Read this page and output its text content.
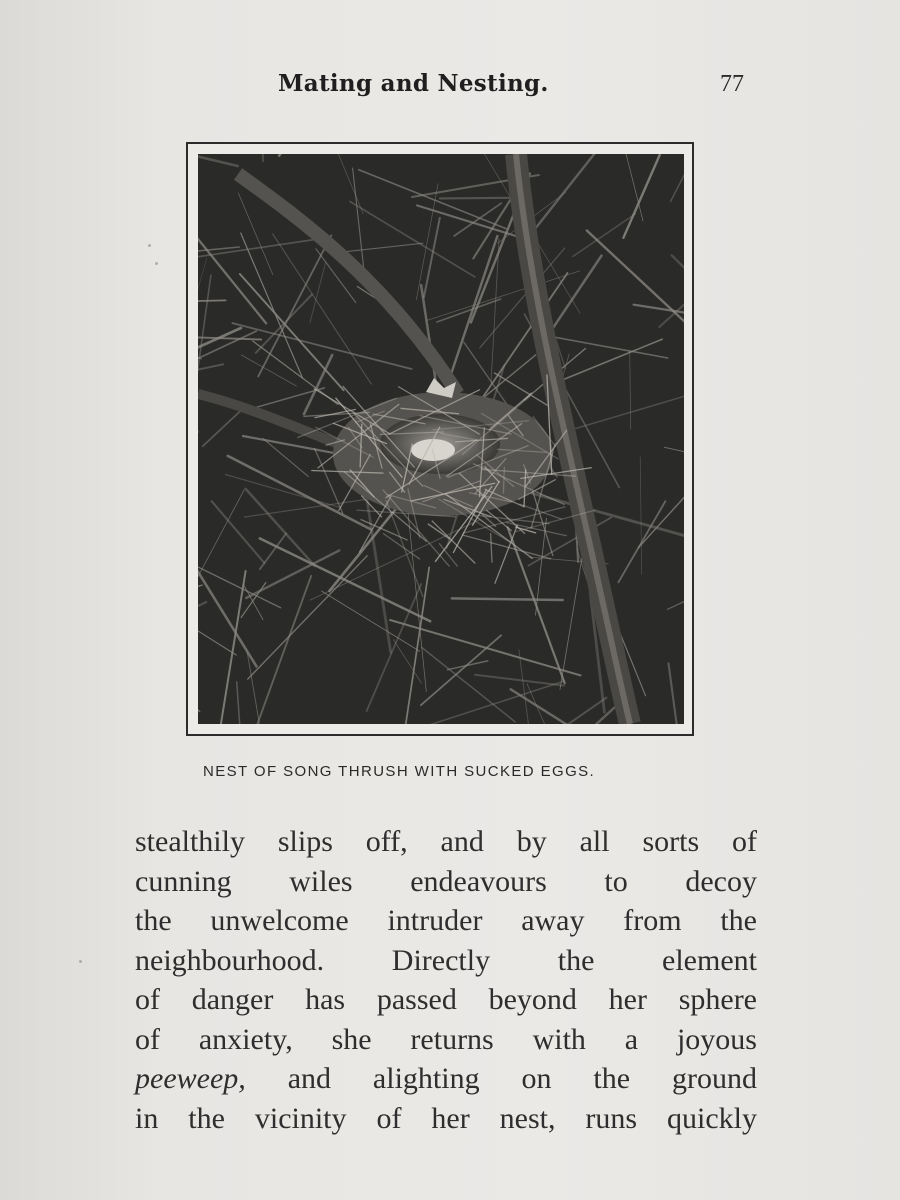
Mating and Nesting.	77
NEST OF SONG THRUSH WITH SUCKED EGGS.
stealthily slips off, and by all sorts of
cunning wiles endeavours to decoy
the unwelcome intruder away from the
neighbourhood. Directly the element
of danger has passed beyond her sphere
of anxiety, she returns with a joyous
peeweep, and alighting on the ground
in the vicinity of her nest, runs quickly
